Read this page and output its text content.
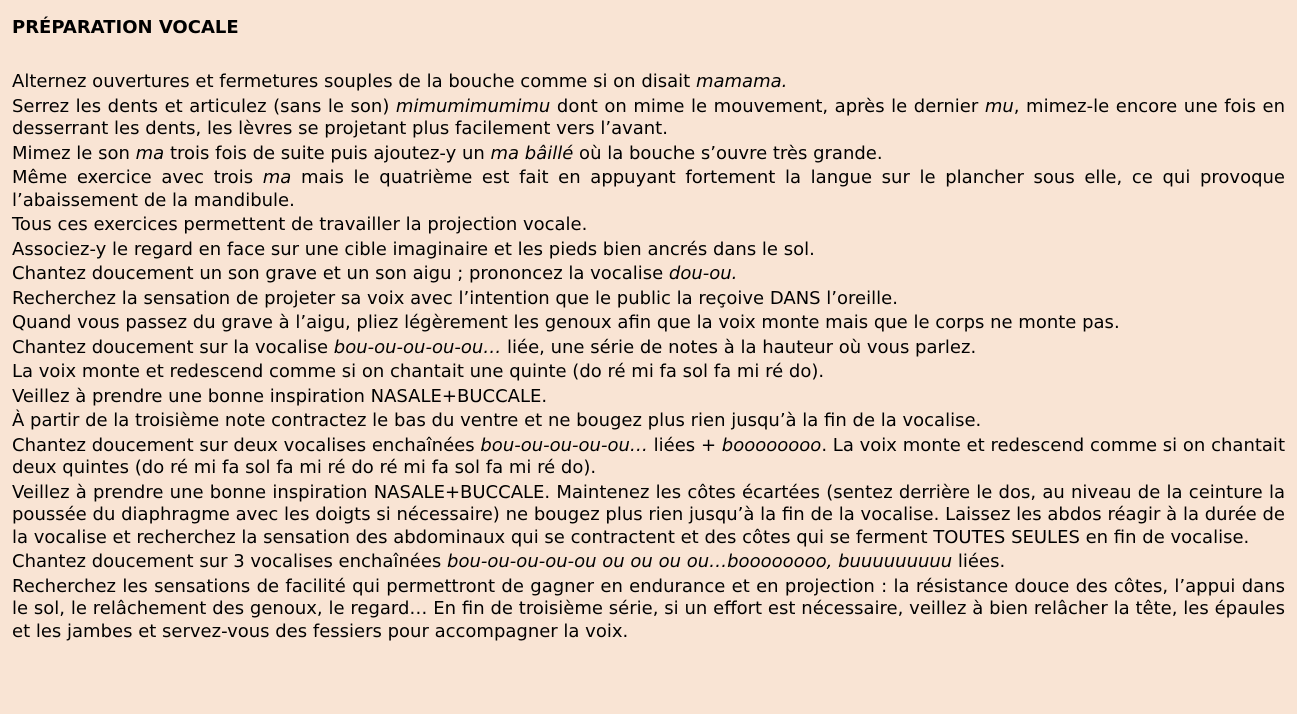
PRÉPARATION VOCALE

Alternez ouvertures et fermetures souples de la bouche comme si on disait mamama.

Serrez les dents et articulez (sans le son) mimumimumimu dont on mime le mouvement, après le dernier mu, mimez-le encore une fois en desserrant les dents, les lèvres se projetant plus facilement vers l’avant.

Mimez le son ma trois fois de suite puis ajoutez-y un ma bâillé où la bouche s’ouvre très grande.

Même exercice avec trois ma mais le quatrième est fait en appuyant fortement la langue sur le plancher sous elle, ce qui provoque l’abaissement de la mandibule.

Tous ces exercices permettent de travailler la projection vocale.

Associez-y le regard en face sur une cible imaginaire et les pieds bien ancrés dans le sol.

Chantez doucement un son grave et un son aigu ; prononcez la vocalise dou-ou.

Recherchez la sensation de projeter sa voix avec l’intention que le public la reçoive DANS l’oreille.

Quand vous passez du grave à l’aigu, pliez légèrement les genoux afin que la voix monte mais que le corps ne monte pas.

Chantez doucement sur la vocalise bou-ou-ou-ou-ou… liée, une série de notes à la hauteur où vous parlez.

La voix monte et redescend comme si on chantait une quinte (do ré mi fa sol fa mi ré do).

Veillez à prendre une bonne inspiration NASALE+BUCCALE.

À partir de la troisième note contractez le bas du ventre et ne bougez plus rien jusqu’à la fin de la vocalise.

Chantez doucement sur deux vocalises enchaînées bou-ou-ou-ou-ou… liées + boooooooo. La voix monte et redescend comme si on chantait deux quintes (do ré mi fa sol fa mi ré do ré mi fa sol fa mi ré do).

Veillez à prendre une bonne inspiration NASALE+BUCCALE. Maintenez les côtes écartées (sentez derrière le dos, au niveau de la ceinture la poussée du diaphragme avec les doigts si nécessaire) ne bougez plus rien jusqu’à la fin de la vocalise. Laissez les abdos réagir à la durée de la vocalise et recherchez la sensation des abdominaux qui se contractent et des côtes qui se ferment TOUTES SEULES en fin de vocalise.

Chantez doucement sur 3 vocalises enchaînées bou-ou-ou-ou-ou ou ou ou ou…boooooooo, buuuuuuuuu liées.

Recherchez les sensations de facilité qui permettront de gagner en endurance et en projection : la résistance douce des côtes, l’appui dans le sol, le relâchement des genoux, le regard… En fin de troisième série, si un effort est nécessaire, veillez à bien relâcher la tête, les épaules et les jambes et servez-vous des fessiers pour accompagner la voix.
